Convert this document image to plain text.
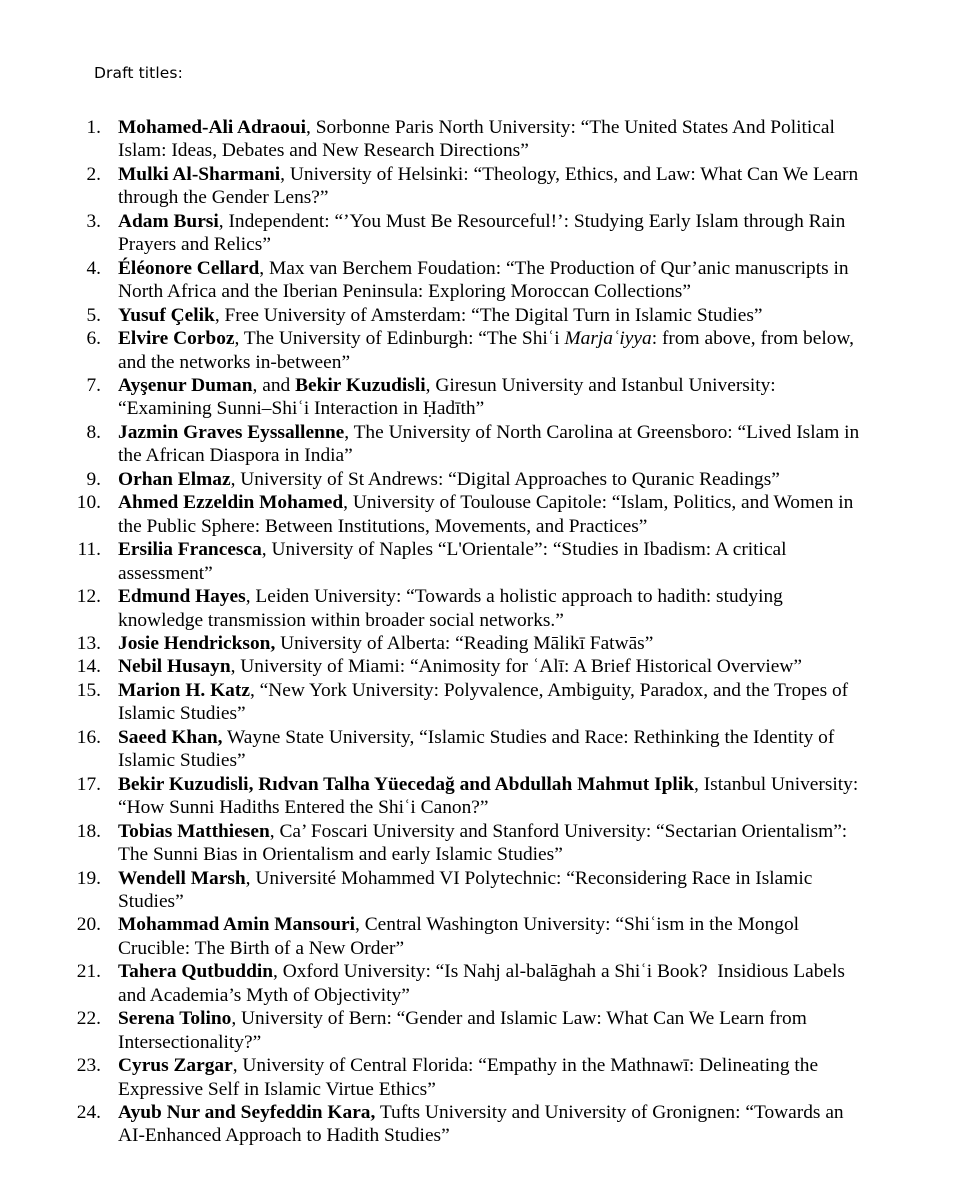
Draft titles:
1. Mohamed-Ali Adraoui, Sorbonne Paris North University: “The United States And Political Islam: Ideas, Debates and New Research Directions”
2. Mulki Al-Sharmani, University of Helsinki: “Theology, Ethics, and Law: What Can We Learn through the Gender Lens?”
3. Adam Bursi, Independent: “’You Must Be Resourceful!’: Studying Early Islam through Rain Prayers and Relics”
4. Éléonore Cellard, Max van Berchem Foudation: “The Production of Qur’anic manuscripts in North Africa and the Iberian Peninsula: Exploring Moroccan Collections”
5. Yusuf Çelik, Free University of Amsterdam: “The Digital Turn in Islamic Studies”
6. Elvire Corboz, The University of Edinburgh: “The Shiʿi Marjaʿiyya: from above, from below, and the networks in-between”
7. Ayşenur Duman, and Bekir Kuzudisli, Giresun University and Istanbul University: “Examining Sunni–Shiʿi Interaction in Ḥadīth”
8. Jazmin Graves Eyssallenne, The University of North Carolina at Greensboro: “Lived Islam in the African Diaspora in India”
9. Orhan Elmaz, University of St Andrews: “Digital Approaches to Quranic Readings”
10. Ahmed Ezzeldin Mohamed, University of Toulouse Capitole: “Islam, Politics, and Women in the Public Sphere: Between Institutions, Movements, and Practices”
11. Ersilia Francesca, University of Naples “L'Orientale”: “Studies in Ibadism: A critical assessment”
12. Edmund Hayes, Leiden University: “Towards a holistic approach to hadith: studying knowledge transmission within broader social networks.”
13. Josie Hendrickson, University of Alberta: “Reading Mālikī Fatwās”
14. Nebil Husayn, University of Miami: “Animosity for ʿAlī: A Brief Historical Overview”
15. Marion H. Katz, “New York University: Polyvalence, Ambiguity, Paradox, and the Tropes of Islamic Studies”
16. Saeed Khan, Wayne State University, “Islamic Studies and Race: Rethinking the Identity of Islamic Studies”
17. Bekir Kuzudisli, Rıdvan Talha Yüecedağ and Abdullah Mahmut Iplik, Istanbul University: “How Sunni Hadiths Entered the Shiʿi Canon?”
18. Tobias Matthiesen, Ca’ Foscari University and Stanford University: “Sectarian Orientalism”: The Sunni Bias in Orientalism and early Islamic Studies”
19. Wendell Marsh, Université Mohammed VI Polytechnic: “Reconsidering Race in Islamic Studies”
20. Mohammad Amin Mansouri, Central Washington University: “Shiʿism in the Mongol Crucible: The Birth of a New Order”
21. Tahera Qutbuddin, Oxford University: “Is Nahj al-balāghah a Shiʿi Book?  Insidious Labels and Academia’s Myth of Objectivity”
22. Serena Tolino, University of Bern: “Gender and Islamic Law: What Can We Learn from Intersectionality?”
23. Cyrus Zargar, University of Central Florida: “Empathy in the Mathnawī: Delineating the Expressive Self in Islamic Virtue Ethics”
24. Ayub Nur and Seyfeddin Kara, Tufts University and University of Gronignen: “Towards an AI-Enhanced Approach to Hadith Studies”
